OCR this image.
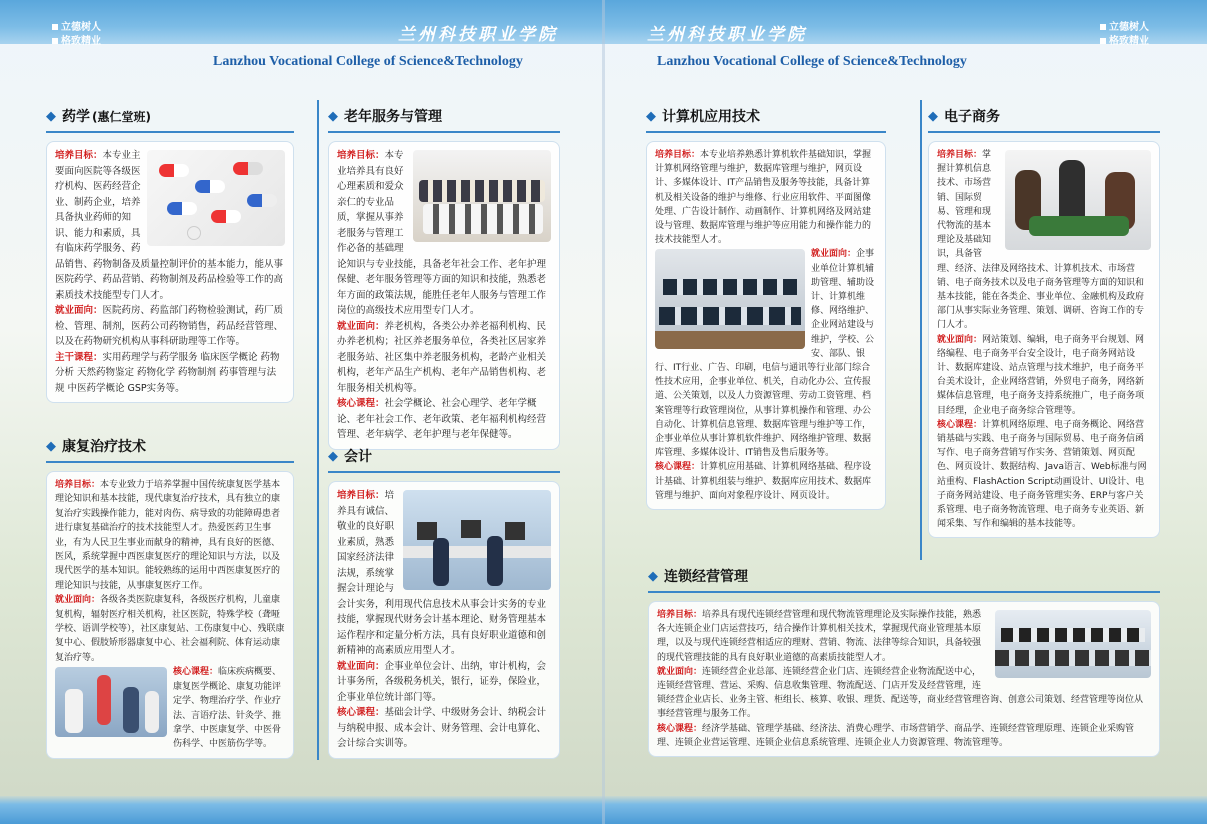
立德树人
格致精业	兰州科技职业学院
Lanzhou Vocational College of Science&Technology
兰州科技职业学院
Lanzhou Vocational College of Science&Technology
立德树人
格致精业
◆ 药学 (惠仁堂班)
培养目标：本专业主要面向医院等各级医疗机构、医药经营企业、制药企业，培养具备执业药师的知识、能力和素质，具有临床药学服务、药品销售、药物制备及质量控制评价的基本能力，能从事医院药学、药品营销、药物制剂及药品检验等工作的高素质技术技能型专门人才。
就业面向：医院药房、药监部门药物检验测试，药厂质检、管理、制剂，医药公司药物销售，药品经营管理、以及在药物研究机构从事科研助理等工作等。
主干课程：实用药理学与药学服务 临床医学概论 药物分析 天然药物鉴定 药物化学 药物制剂 药事管理与法规 中医药学概论 GSP实务等。
◆ 康复治疗技术
培养目标：本专业致力于培养掌握中国传统康复医学基本理论知识和基本技能，现代康复治疗技术，具有独立的康复治疗实践操作能力，能对肉伤、病导致的功能障碍患者进行康复基础治疗的技术技能型人才。热爱医药卫生事业，有为人民卫生事业而献身的精神，具有良好的医德、医风，系统掌握中西医康复医疗的理论知识与方法，以及现代医学的基本知识。能较熟练的运用中西医康复医疗的理论知识与技能，从事康复医疗工作。
就业面向：各级各类医院康复科，各级医疗机构，儿童康复机构，辐射医疗相关机构，社区医院，特殊学校（聋哑学校、语训学校等），社区康复站、工伤康复中心、残联康复中心、假肢矫形器康复中心、社会福利院、体育运动康复治疗等。

核心课程：临床疾病概要、康复医学概论、康复功能评定学、物理治疗学、作业疗法、言语疗法、针灸学、推拿学、中医康复学、中医骨伤科学、中医筋伤学等。
◆ 老年服务与管理
培养目标：本专业培养具有良好心理素质和爱众亲仁的专业品质，掌握从事养老服务与管理工作必备的基础理论知识与专业技能，具备老年社会工作、老年护理保健、老年服务管理等方面的知识和技能，熟悉老年方面的政策法规，能胜任老年人服务与管理工作岗位的高级技术应用型专门人才。
就业面向：养老机构，各类公办养老福利机构、民办养老机构；社区养老服务单位，各类社区居家养老服务站、社区集中养老服务机构，老龄产业相关机构，老年产品生产机构、老年产品销售机构、老年服务相关机构等。
核心课程：社会学概论、社会心理学、老年学概论、老年社会工作、老年政策、老年福利机构经营管理、老年病学、老年护理与老年保健等。
◆ 会计
培养目标：培养具有诚信、敬业的良好职业素质，熟悉国家经济法律法规，系统掌握会计理论与会计实务，利用现代信息技术从事会计实务的专业技能，掌握现代财务会计基本理论、财务管理基本运作程序和定量分析方法，具有良好职业道德和创新精神的高素质应用型人才。
就业面向：企事业单位会计、出纳，审计机构，会计事务所，各级税务机关，银行，证券，保险业，企事业单位统计部门等。
核心课程：基础会计学、中级财务会计、纳税会计与纳税申报、成本会计、财务管理、会计电算化、会计综合实训等。
◆ 计算机应用技术
培养目标：本专业培养熟悉计算机软件基础知识，掌握计算机网络管理与维护，数据库管理与维护，网页设计、多媒体设计、IT产品销售及服务等技能，具备计算机及相关设备的维护与维修、行业应用软件、平面图像处理、广告设计制作、动画制作、计算机网络及网站建设与管理、数据库管理与维护等应用能力和操作能力的技术技能型人才。

就业面向：企事业单位计算机辅助管理、辅助设计、计算机维修、网络维护、企业网站建设与维护，学校、公安、部队、银行、IT行业、广告、印刷，电信与通讯等行业部门综合性技术应用，企事业单位、机关，自动化办公、宣传报道、公关策划，以及人力资源管理、劳动工资管理、档案管理等行政管理岗位，从事计算机操作和管理、办公自动化、计算机信息管理、数据库管理与维护等工作，企事业单位从事计算机软件维护、网络维护管理、数据库管理、多媒体设计、IT销售及售后服务等。
核心课程：计算机应用基础、计算机网络基础、程序设计基础、计算机组装与维护、数据库应用技术、数据库管理与维护、面向对象程序设计、网页设计。
◆ 电子商务
培养目标：掌握计算机信息技术、市场营销、国际贸易、管理和现代物流的基本理论及基础知识，具备管理、经济、法律及网络技术、计算机技术、市场营销、电子商务技术以及电子商务管理等方面的知识和基本技能，能在各类企、事业单位、金融机构及政府部门从事实际业务管理、策划、调研、咨询工作的专门人才。
就业面向：网站策划、编辑，电子商务平台规划、网络编程、电子商务平台安全设计，电子商务网站设计、数据库建设、站点管理与技术维护，电子商务平台美术设计，企业网络营销，外贸电子商务，网络新媒体信息管理，电子商务支持系统推广，电子商务项目经理，企业电子商务综合管理等。
核心课程：计算机网络原理、电子商务概论、网络营销基础与实践、电子商务与国际贸易、电子商务信函写作、电子商务营销写作实务、营销策划、网页配色、网页设计、数据结构、Java语言、Web标准与网站重构、FlashAction Script动画设计、UI设计、电子商务网站建设、电子商务管理实务、ERP与客户关系管理、电子商务物流管理、电子商务专业英语、新闻采集、写作和编辑的基本技能等。
◆ 连锁经营管理
培养目标：培养具有现代连锁经营管理和现代物流管理理论及实际操作技能，熟悉各大连锁企业门店运营技巧，结合操作计算机相关技术，掌握现代商业管理基本原理，以及与现代连锁经营相适应的理财、营销、物流、法律等综合知识，具备较强的现代管理技能的具有良好职业道德的高素质技能型人才。
就业面向：连锁经营企业总部、连锁经营企业门店、连锁经营企业物流配送中心，连锁经营管理、营运、采购、信息收集管理、物流配送、门店开发及经营管理，连锁经营企业店长、业务主管、柜组长、核算、收银、理货、配送等，商业经营管理咨询、创意公司策划、经营管理等岗位从事经营管理与服务工作。
核心课程：经济学基础、管理学基础、经济法、消费心理学、市场营销学、商品学、连锁经营管理原理、连锁企业采购管理、连锁企业营运管理、连锁企业信息系统管理、连锁企业人力资源管理、物流管理等。
